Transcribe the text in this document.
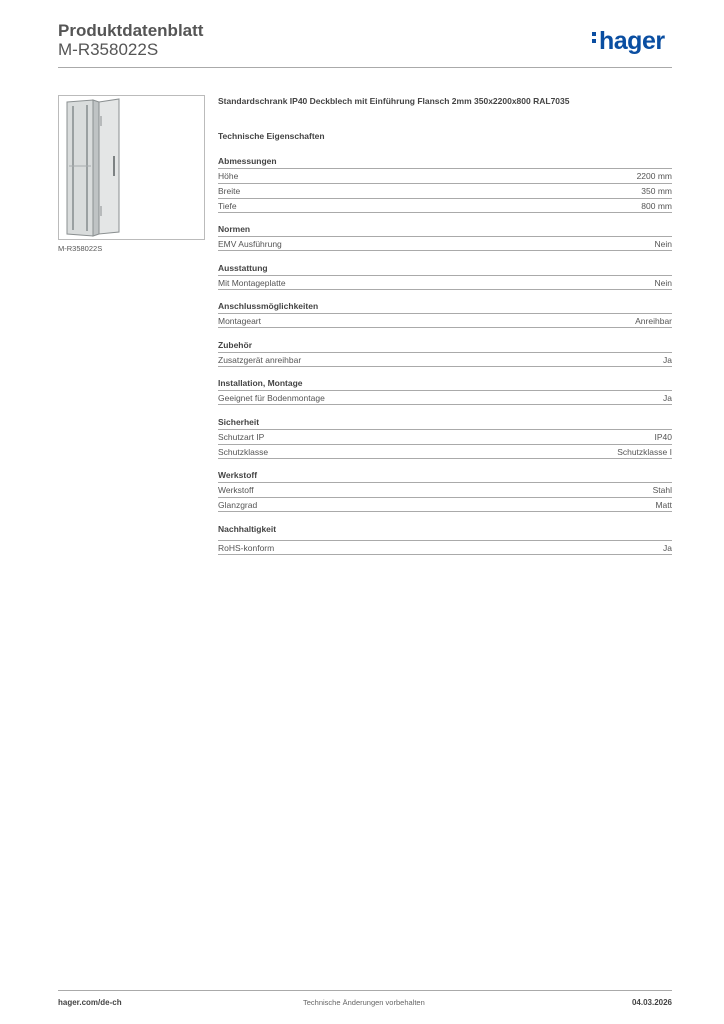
Produktdatenblatt
M-R358022S	hager
M-R358022S
Standardschrank IP40 Deckblech mit Einführung Flansch 2mm 350x2200x800 RAL7035
Technische Eigenschaften
Abmessungen
Höhe	2200 mm
Breite	350 mm
Tiefe	800 mm
Normen
EMV Ausführung	Nein
Ausstattung
Mit Montageplatte	Nein
Anschlussmöglichkeiten
Montageart	Anreihbar
Zubehör
Zusatzgerät anreihbar	Ja
Installation, Montage
Geeignet für Bodenmontage	Ja
Sicherheit
Schutzart IP	IP40
Schutzklasse	Schutzklasse I
Werkstoff
Werkstoff	Stahl
Glanzgrad	Matt
Nachhaltigkeit
RoHS-konform	Ja
hager.com/de-ch	Technische Änderungen vorbehalten	04.03.2026
